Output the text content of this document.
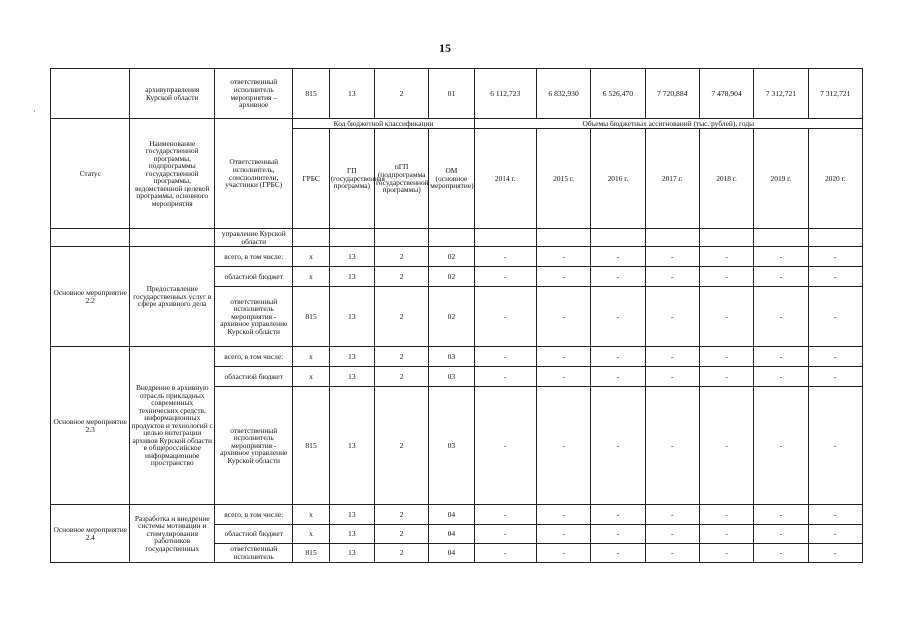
15
·
	архивуправления Курской области	ответственный исполнитель мероприятия – архивное	815	13	2	01	6 112,723	6 832,930	6 526,470	7 720,884	7 478,904	7 312,721	7 312,721
Статус	Наименование государственной программы, подпрограммы государственной программы, ведомственной целевой программы, основного мероприятия	Ответственный исполнитель, соисполнители, участники (ГРБС)	Код бюджетной классификации				Объемы бюджетных ассигнований (тыс. рублей), годы						
			ГРБС	ГП (государственная программа)	пГП (подпрограмма государственной программы)	ОМ (основное мероприятие)	2014 г.	2015 г.	2016 г.	2017 г.	2018 г.	2019 г.	2020 г.
		управление Курской области											
Основное мероприятие 2.2	Предоставление государственных услуг в сфере архивного дела	всего, в том числе:	х	13	2	02	-	-	-	-	-	-	-
		областной бюджет	х	13	2	02	-	-	-	-	-	-	-
		ответственный исполнитель мероприятия - архивное управление Курской области	815	13	2	02	-	-	-	-	-	-	-
Основное мероприятие 2.3	Внедрение в архивную отрасль прикладных современных технических средств, информационных продуктов и технологий с целью интеграции архивов Курской области в общероссийское информационное пространство	всего, в том числе:	х	13	2	03	-	-	-	-	-	-	-
		областной бюджет	х	13	2	03	-	-	-	-	-	-	-
		ответственный исполнитель мероприятия - архивное управление Курской области	815	13	2	03	-	-	-	-	-	-	-
Основное мероприятие 2.4	Разработка и внедрение системы мотивации и стимулирования работников государственных	всего, в том числе:	х	13	2	04	-	-	-	-	-	-	-
		областной бюджет	х	13	2	04	-	-	-	-	-	-	-
		ответственный исполнитель	815	13	2	04	-	-	-	-	-	-	-
